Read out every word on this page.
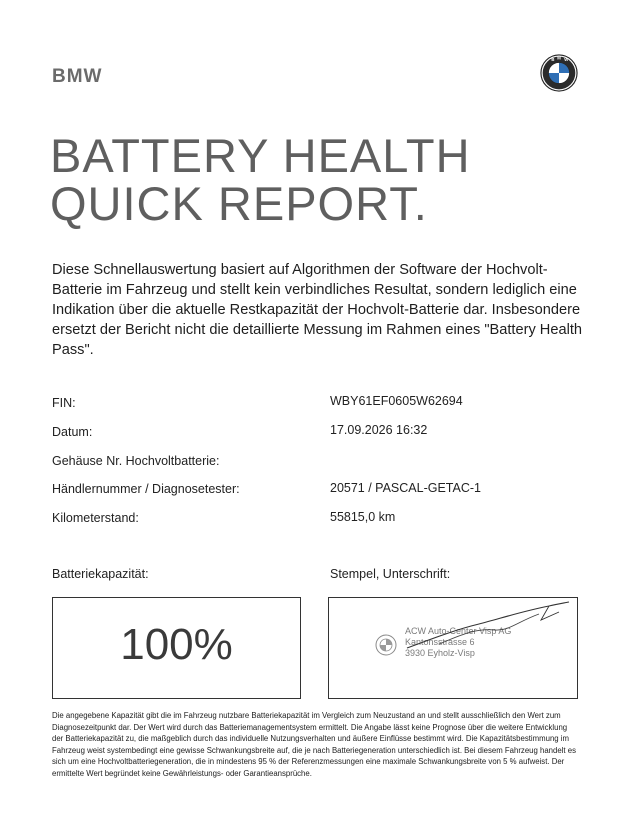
BMW
B M W
BATTERY HEALTH
QUICK REPORT.

Diese Schnellauswertung basiert auf Algorithmen der Software der Hochvolt-Batterie im Fahrzeug und stellt kein verbindliches Resultat, sondern lediglich eine Indikation über die aktuelle Restkapazität der Hochvolt-Batterie dar. Insbesondere ersetzt der Bericht nicht die detaillierte Messung im Rahmen eines "Battery Health Pass".

FIN:	WBY61EF0605W62694
Datum:	17.09.2026 16:32
Gehäuse Nr. Hochvoltbatterie:
Händlernummer / Diagnosetester:	20571 / PASCAL-GETAC-1
Kilometerstand:	55815,0 km
Batteriekapazität:	Stempel, Unterschrift:
100%	ACW Auto-Center Visp AG
Kantonsstrasse 6
3930 Eyholz-Visp

Die angegebene Kapazität gibt die im Fahrzeug nutzbare Batteriekapazität im Vergleich zum Neuzustand an und stellt ausschließlich den Wert zum Diagnosezeitpunkt dar. Der Wert wird durch das Batteriemanagementsystem ermittelt. Die Angabe lässt keine Prognose über die weitere Entwicklung der Batteriekapazität zu, die maßgeblich durch das individuelle Nutzungsverhalten und äußere Einflüsse bestimmt wird. Die Kapazitätsbestimmung im Fahrzeug weist systembedingt eine gewisse Schwankungsbreite auf, die je nach Batteriegeneration unterschiedlich ist. Bei diesem Fahrzeug handelt es sich um eine Hochvoltbatteriegeneration, die in mindestens 95 % der Referenzmessungen eine maximale Schwankungsbreite von 5 % aufweist. Der ermittelte Wert begründet keine Gewährleistungs- oder Garantieansprüche.
